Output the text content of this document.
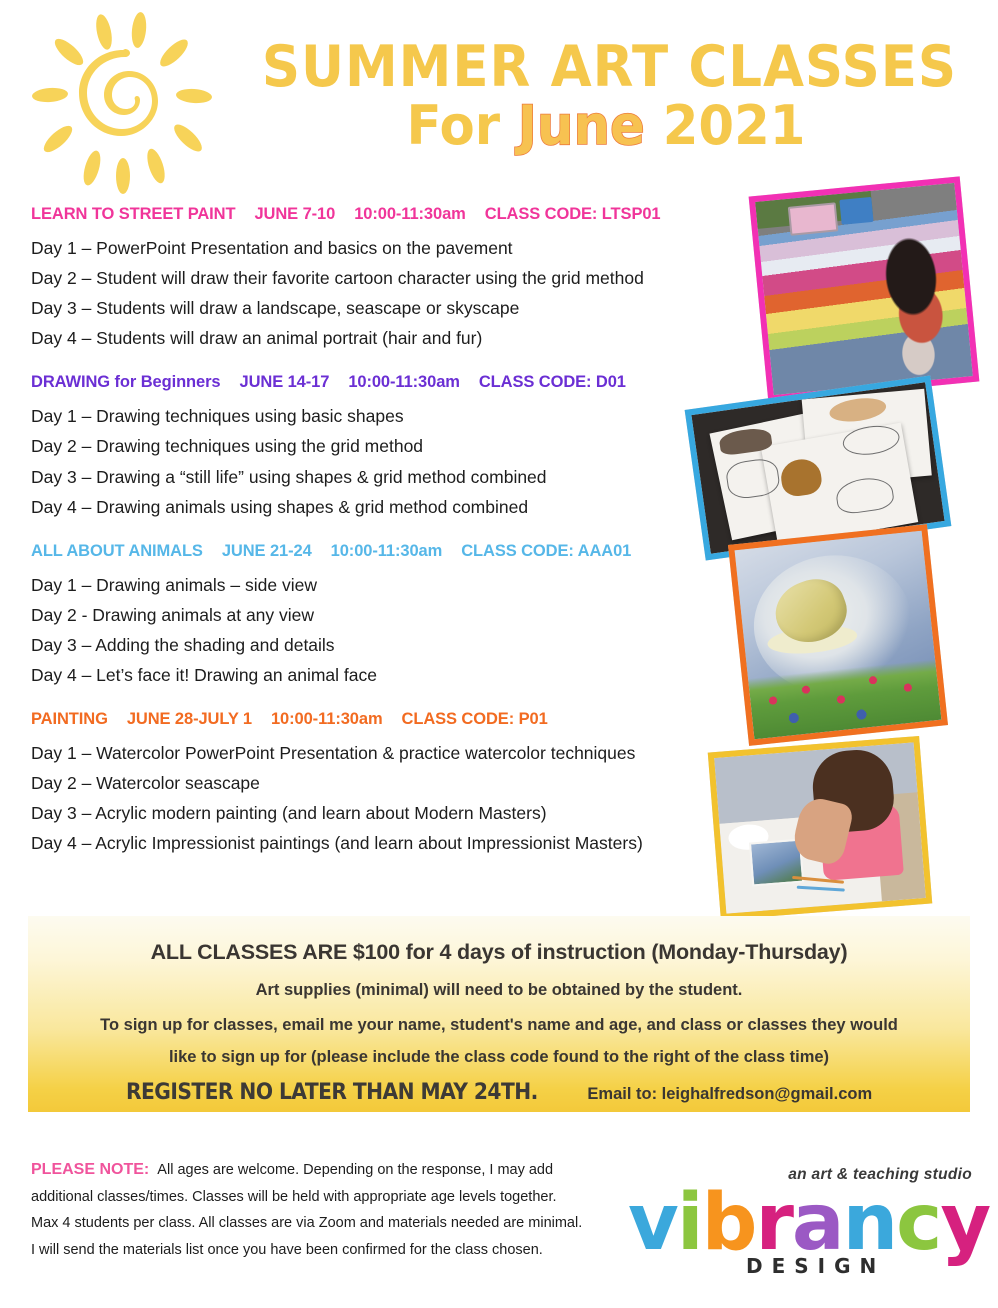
SUMMER ART CLASSES
For June 2021
LEARN TO STREET PAINT JUNE 7-10 10:00-11:30am CLASS CODE: LTSP01
Day 1 – PowerPoint Presentation and basics on the pavement
Day 2 – Student will draw their favorite cartoon character using the grid method
Day 3 – Students will draw a landscape, seascape or skyscape
Day 4 – Students will draw an animal portrait (hair and fur)
DRAWING for Beginners JUNE 14-17 10:00-11:30am CLASS CODE: D01
Day 1 – Drawing techniques using basic shapes
Day 2 – Drawing techniques using the grid method
Day 3 – Drawing a “still life” using shapes & grid method combined
Day 4 – Drawing animals using shapes & grid method combined
ALL ABOUT ANIMALS JUNE 21-24 10:00-11:30am CLASS CODE: AAA01
Day 1 – Drawing animals – side view
Day 2 - Drawing animals at any view
Day 3 – Adding the shading and details
Day 4 – Let’s face it! Drawing an animal face
PAINTING JUNE 28-JULY 1 10:00-11:30am CLASS CODE: P01
Day 1 – Watercolor PowerPoint Presentation & practice watercolor techniques
Day 2 – Watercolor seascape
Day 3 – Acrylic modern painting (and learn about Modern Masters)
Day 4 – Acrylic Impressionist paintings (and learn about Impressionist Masters)
ALL CLASSES ARE $100 for 4 days of instruction (Monday-Thursday)
Art supplies (minimal) will need to be obtained by the student.
To sign up for classes, email me your name, student's name and age, and class or classes they would
like to sign up for (please include the class code found to the right of the class time)
REGISTER NO LATER THAN MAY 24TH.	Email to: leighalfredson@gmail.com
PLEASE NOTE: All ages are welcome. Depending on the response, I may add
additional classes/times. Classes will be held with appropriate age levels together.
Max 4 students per class. All classes are via Zoom and materials needed are minimal.
I will send the materials list once you have been confirmed for the class chosen.
an art & teaching studio
vibrancy
DESIGN
